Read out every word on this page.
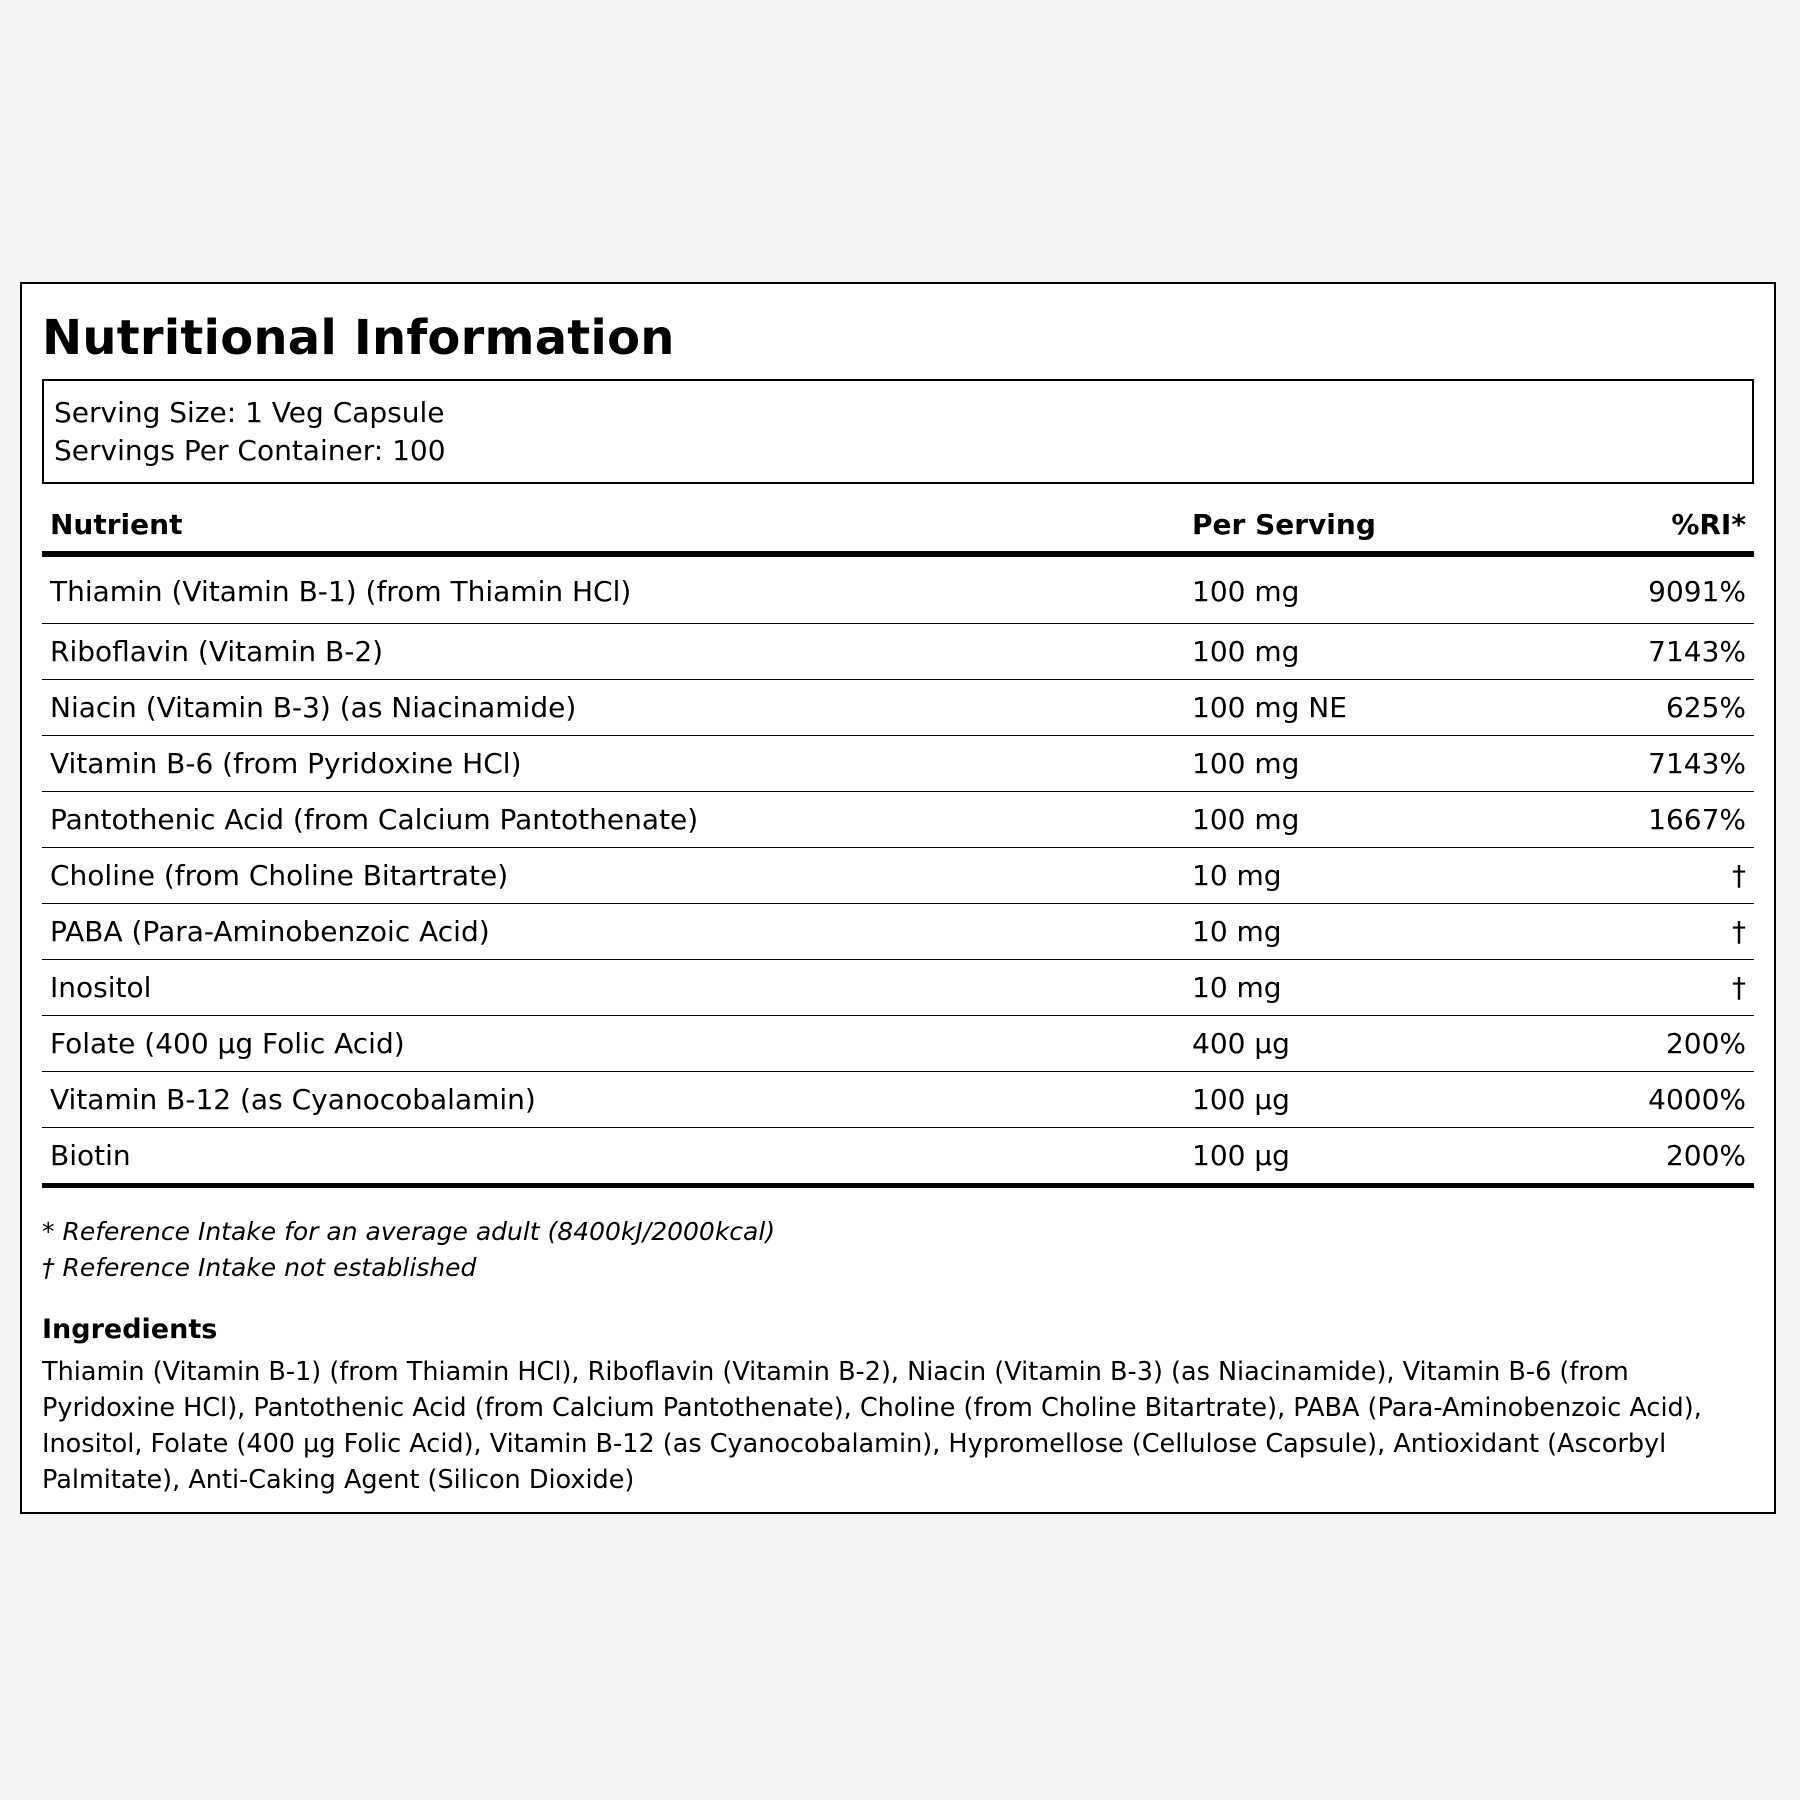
Nutritional Information
Serving Size: 1 Veg Capsule
Servings Per Container: 100
Nutrient	Per Serving	%RI*
Thiamin (Vitamin B-1) (from Thiamin HCl)	100 mg	9091%
Riboflavin (Vitamin B-2)	100 mg	7143%
Niacin (Vitamin B-3) (as Niacinamide)	100 mg NE	625%
Vitamin B-6 (from Pyridoxine HCl)	100 mg	7143%
Pantothenic Acid (from Calcium Pantothenate)	100 mg	1667%
Choline (from Choline Bitartrate)	10 mg	†
PABA (Para-Aminobenzoic Acid)	10 mg	†
Inositol	10 mg	†
Folate (400 µg Folic Acid)	400 µg	200%
Vitamin B-12 (as Cyanocobalamin)	100 µg	4000%
Biotin	100 µg	200%
* Reference Intake for an average adult (8400kJ/2000kcal)
† Reference Intake not established
Ingredients
Thiamin (Vitamin B-1) (from Thiamin HCl), Riboflavin (Vitamin B-2), Niacin (Vitamin B-3) (as Niacinamide), Vitamin B-6 (from Pyridoxine HCl), Pantothenic Acid (from Calcium Pantothenate), Choline (from Choline Bitartrate), PABA (Para-Aminobenzoic Acid), Inositol, Folate (400 µg Folic Acid), Vitamin B-12 (as Cyanocobalamin), Hypromellose (Cellulose Capsule), Antioxidant (Ascorbyl Palmitate), Anti-Caking Agent (Silicon Dioxide)
